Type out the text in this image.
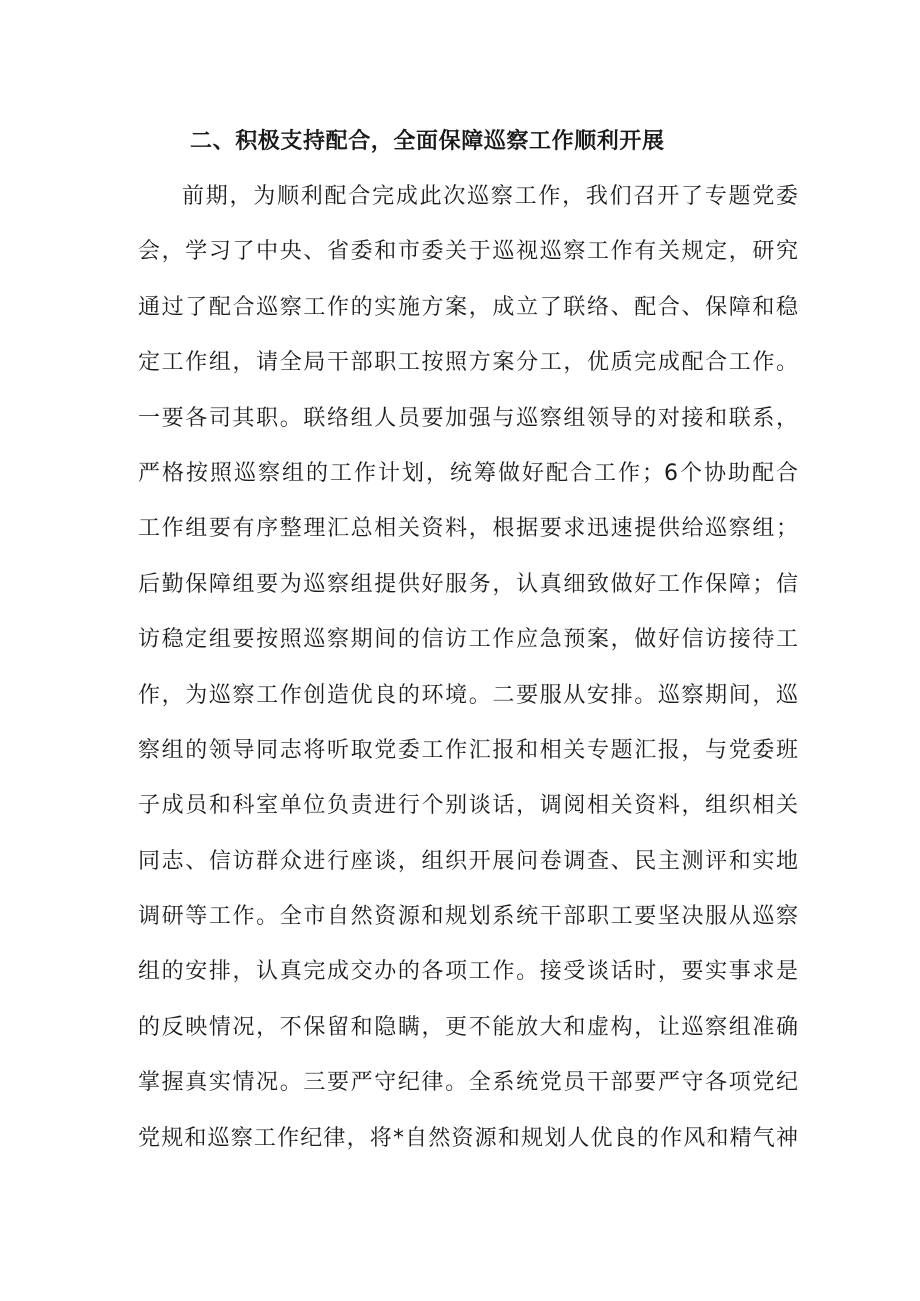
二、积极支持配合，全面保障巡察工作顺利开展
前期，为顺利配合完成此次巡察工作，我们召开了专题党委
会，学习了中央、省委和市委关于巡视巡察工作有关规定，研究
通过了配合巡察工作的实施方案，成立了联络、配合、保障和稳
定工作组，请全局干部职工按照方案分工，优质完成配合工作。
一要各司其职。联络组人员要加强与巡察组领导的对接和联系，
严格按照巡察组的工作计划，统筹做好配合工作；6个协助配合
工作组要有序整理汇总相关资料，根据要求迅速提供给巡察组；
后勤保障组要为巡察组提供好服务，认真细致做好工作保障；信
访稳定组要按照巡察期间的信访工作应急预案，做好信访接待工
作，为巡察工作创造优良的环境。二要服从安排。巡察期间，巡
察组的领导同志将听取党委工作汇报和相关专题汇报，与党委班
子成员和科室单位负责进行个别谈话，调阅相关资料，组织相关
同志、信访群众进行座谈，组织开展问卷调查、民主测评和实地
调研等工作。全市自然资源和规划系统干部职工要坚决服从巡察
组的安排，认真完成交办的各项工作。接受谈话时，要实事求是
的反映情况，不保留和隐瞒，更不能放大和虚构，让巡察组准确
掌握真实情况。三要严守纪律。全系统党员干部要严守各项党纪
党规和巡察工作纪律，将*自然资源和规划人优良的作风和精气神
